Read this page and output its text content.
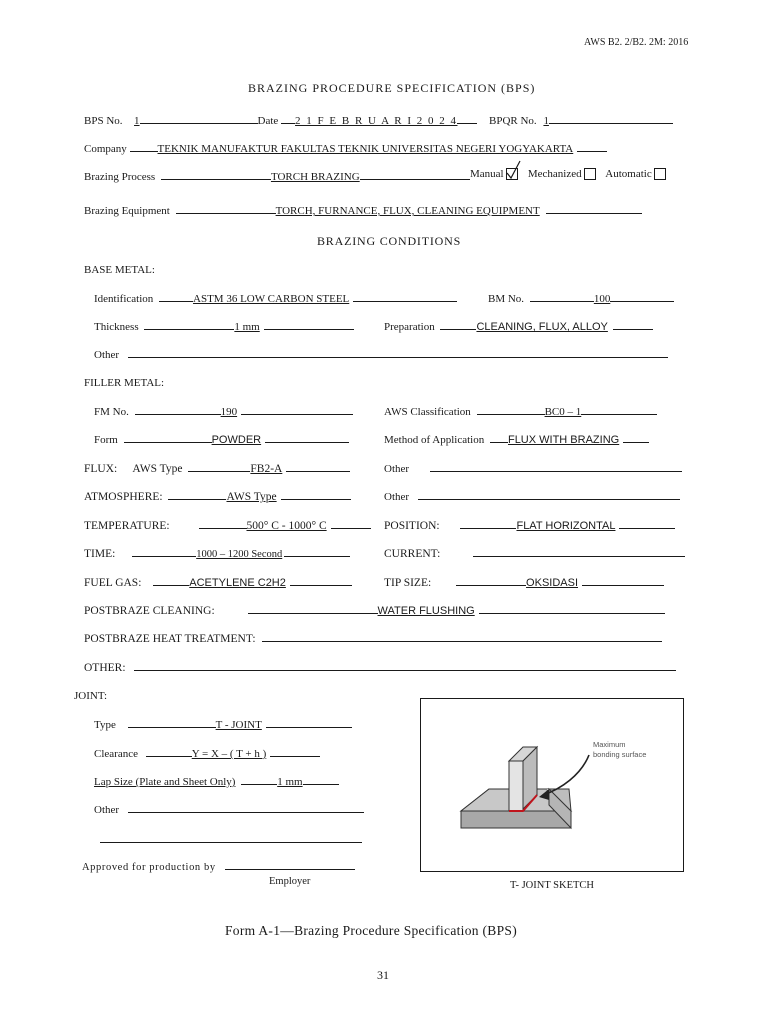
AWS B2. 2/B2. 2M: 2016
BRAZING PROCEDURE SPECIFICATION (BPS)
BPS No. 1	Date 2 1 F E B R U A R I 2 0 2 4	BPQR No. 1
Company	TEKNIK MANUFAKTUR FAKULTAS TEKNIK UNIVERSITAS NEGERI YOGYAKARTA
Brazing Process	TORCH BRAZING	Manual Mechanized Automatic
Brazing Equipment	TORCH, FURNANCE, FLUX, CLEANING EQUIPMENT
BRAZING CONDITIONS
BASE METAL:
Identification	ASTM 36 LOW CARBON STEEL	BM No.	100
Thickness	1 mm	Preparation	CLEANING, FLUX, ALLOY
Other
FILLER METAL:
FM No.	190	AWS Classification	BC0 – 1
Form	POWDER	Method of Application FLUX WITH BRAZING
FLUX: AWS Type	FB2-A	Other
ATMOSPHERE:	AWS Type	Other
TEMPERATURE:	500° C - 1000° C	POSITION:	FLAT HORIZONTAL
TIME:	1000 – 1200 Second	CURRENT:
FUEL GAS:	ACETYLENE C2H2	TIP SIZE:	OKSIDASI
POSTBRAZE CLEANING:	WATER FLUSHING
POSTBRAZE HEAT TREATMENT:
OTHER:
JOINT:
Type	T - JOINT
Clearance	Y = X – ( T + h )
Lap Size (Plate and Sheet Only)	1 mm
Other
Approved for production by
Employer
Maximum
bonding surface
T- JOINT SKETCH
Form A-1—Brazing Procedure Specification (BPS)
31
